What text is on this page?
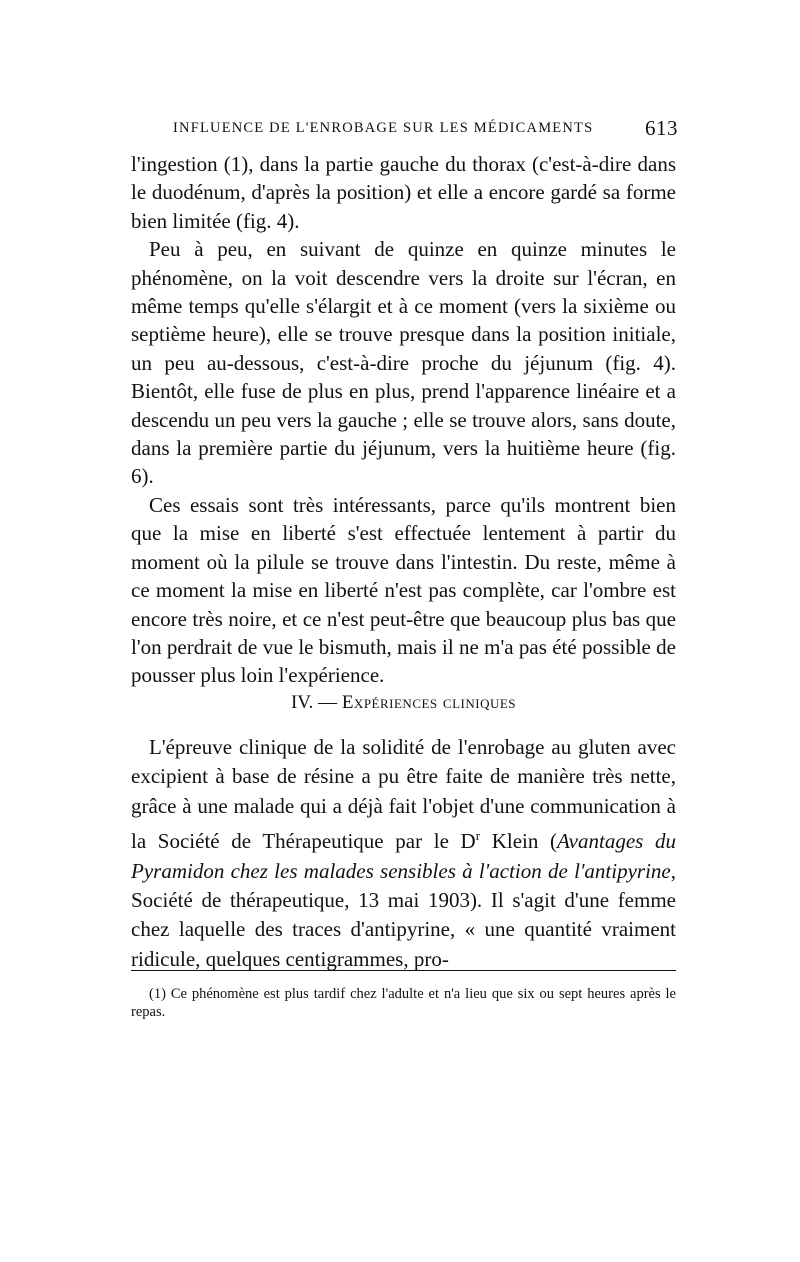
INFLUENCE DE L'ENROBAGE SUR LES MÉDICAMENTS 613

l'ingestion (1), dans la partie gauche du thorax (c'est-à-dire dans le duodénum, d'après la position) et elle a encore gardé sa forme bien limitée (fig. 4).

Peu à peu, en suivant de quinze en quinze minutes le phénomène, on la voit descendre vers la droite sur l'écran, en même temps qu'elle s'élargit et à ce moment (vers la sixième ou septième heure), elle se trouve presque dans la position initiale, un peu au-dessous, c'est-à-dire proche du jéjunum (fig. 4). Bientôt, elle fuse de plus en plus, prend l'apparence linéaire et a descendu un peu vers la gauche ; elle se trouve alors, sans doute, dans la première partie du jéjunum, vers la huitième heure (fig. 6).

Ces essais sont très intéressants, parce qu'ils montrent bien que la mise en liberté s'est effectuée lentement à partir du moment où la pilule se trouve dans l'intestin. Du reste, même à ce moment la mise en liberté n'est pas complète, car l'ombre est encore très noire, et ce n'est peut-être que beaucoup plus bas que l'on perdrait de vue le bismuth, mais il ne m'a pas été possible de pousser plus loin l'expérience.

IV. — Expériences cliniques

L'épreuve clinique de la solidité de l'enrobage au gluten avec excipient à base de résine a pu être faite de manière très nette, grâce à une malade qui a déjà fait l'objet d'une communication à la Société de Thérapeutique par le $D^r$ Klein (Avantages du Pyramidon chez les malades sensibles à l'action de l'antipyrine, Société de thérapeutique, 13 mai 1903). Il s'agit d'une femme chez laquelle des traces d'antipyrine, « une quantité vraiment ridicule, quelques centigrammes, pro-

(1) Ce phénomène est plus tardif chez l'adulte et n'a lieu que six ou sept heures après le repas.
